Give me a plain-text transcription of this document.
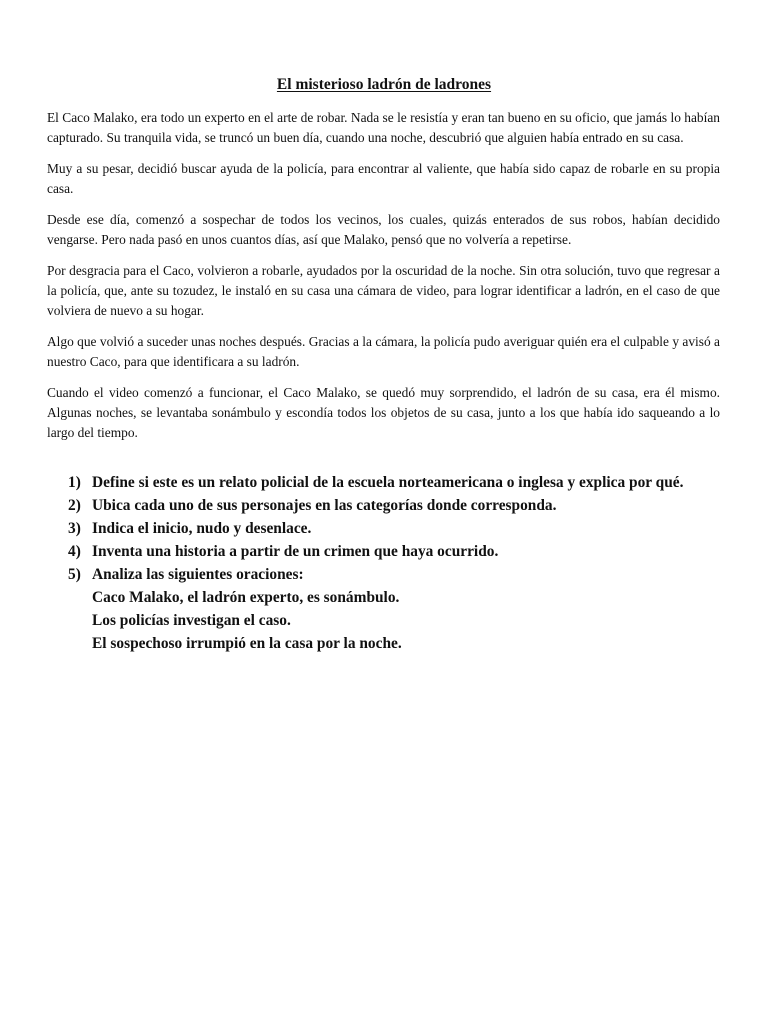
El misterioso ladrón de ladrones

El Caco Malako, era todo un experto en el arte de robar. Nada se le resistía y eran tan bueno en su oficio, que jamás lo habían capturado. Su tranquila vida, se truncó un buen día, cuando una noche, descubrió que alguien había entrado en su casa.

Muy a su pesar, decidió buscar ayuda de la policía, para encontrar al valiente, que había sido capaz de robarle en su propia casa.

Desde ese día, comenzó a sospechar de todos los vecinos, los cuales, quizás enterados de sus robos, habían decidido vengarse. Pero nada pasó en unos cuantos días, así que Malako, pensó que no volvería a repetirse.

Por desgracia para el Caco, volvieron a robarle, ayudados por la oscuridad de la noche. Sin otra solución, tuvo que regresar a la policía, que, ante su tozudez, le instaló en su casa una cámara de video, para lograr identificar a ladrón, en el caso de que volviera de nuevo a su hogar.

Algo que volvió a suceder unas noches después. Gracias a la cámara, la policía pudo averiguar quién era el culpable y avisó a nuestro Caco, para que identificara a su ladrón.

Cuando el video comenzó a funcionar, el Caco Malako, se quedó muy sorprendido, el ladrón de su casa, era él mismo. Algunas noches, se levantaba sonámbulo y escondía todos los objetos de su casa, junto a los que había ido saqueando a lo largo del tiempo.

1) Define si este es un relato policial de la escuela norteamericana o inglesa y explica por qué.
2) Ubica cada uno de sus personajes en las categorías donde corresponda.
3) Indica el inicio, nudo y desenlace.
4) Inventa una historia a partir de un crimen que haya ocurrido.
5) Analiza las siguientes oraciones:
Caco Malako, el ladrón experto, es sonámbulo.
Los policías investigan el caso.
El sospechoso irrumpió en la casa por la noche.
